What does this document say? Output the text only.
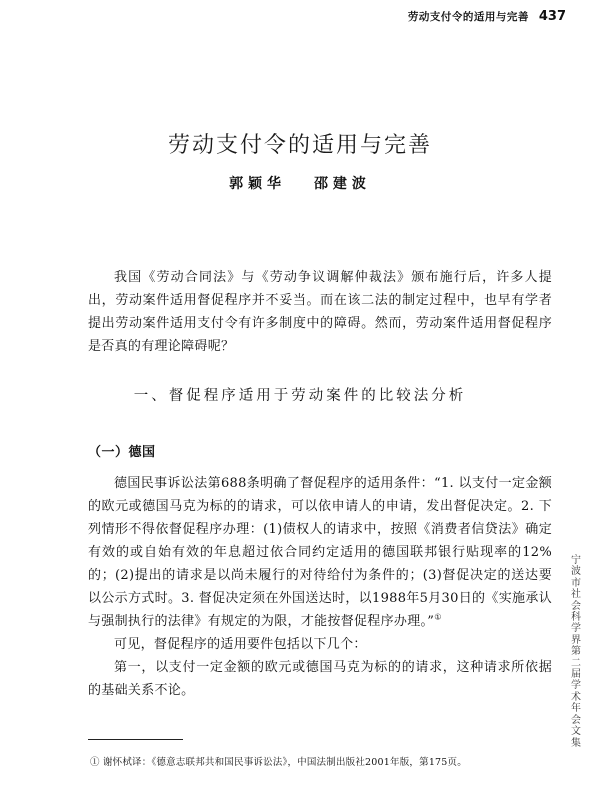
劳动支付令的适用与完善 437
劳动支付令的适用与完善
郭颖华 邵建波

我国《劳动合同法》与《劳动争议调解仲裁法》颁布施行后，许多人提出，劳动案件适用督促程序并不妥当。而在该二法的制定过程中，也早有学者提出劳动案件适用支付令有许多制度中的障碍。然而，劳动案件适用督促程序是否真的有理论障碍呢？

一、督促程序适用于劳动案件的比较法分析
（一）德国

德国民事诉讼法第688条明确了督促程序的适用条件：“1. 以支付一定金额的欧元或德国马克为标的的请求，可以依申请人的申请，发出督促决定。2. 下列情形不得依督促程序办理：(1)债权人的请求中，按照《消费者信贷法》确定有效的或自始有效的年息超过依合同约定适用的德国联邦银行贴现率的12%的；(2)提出的请求是以尚未履行的对待给付为条件的；(3)督促决定的送达要以公示方式时。3. 督促决定须在外国送达时，以1988年5月30日的《实施承认与强制执行的法律》有规定的为限，才能按督促程序办理。”①

可见，督促程序的适用要件包括以下几个：

第一，以支付一定金额的欧元或德国马克为标的的请求，这种请求所依据的基础关系不论。

① 谢怀栻译：《德意志联邦共和国民事诉讼法》，中国法制出版社2001年版，第175页。
宁
波
市
社
会
科
学
界
第
二
届
学
术
年
会
文
集
